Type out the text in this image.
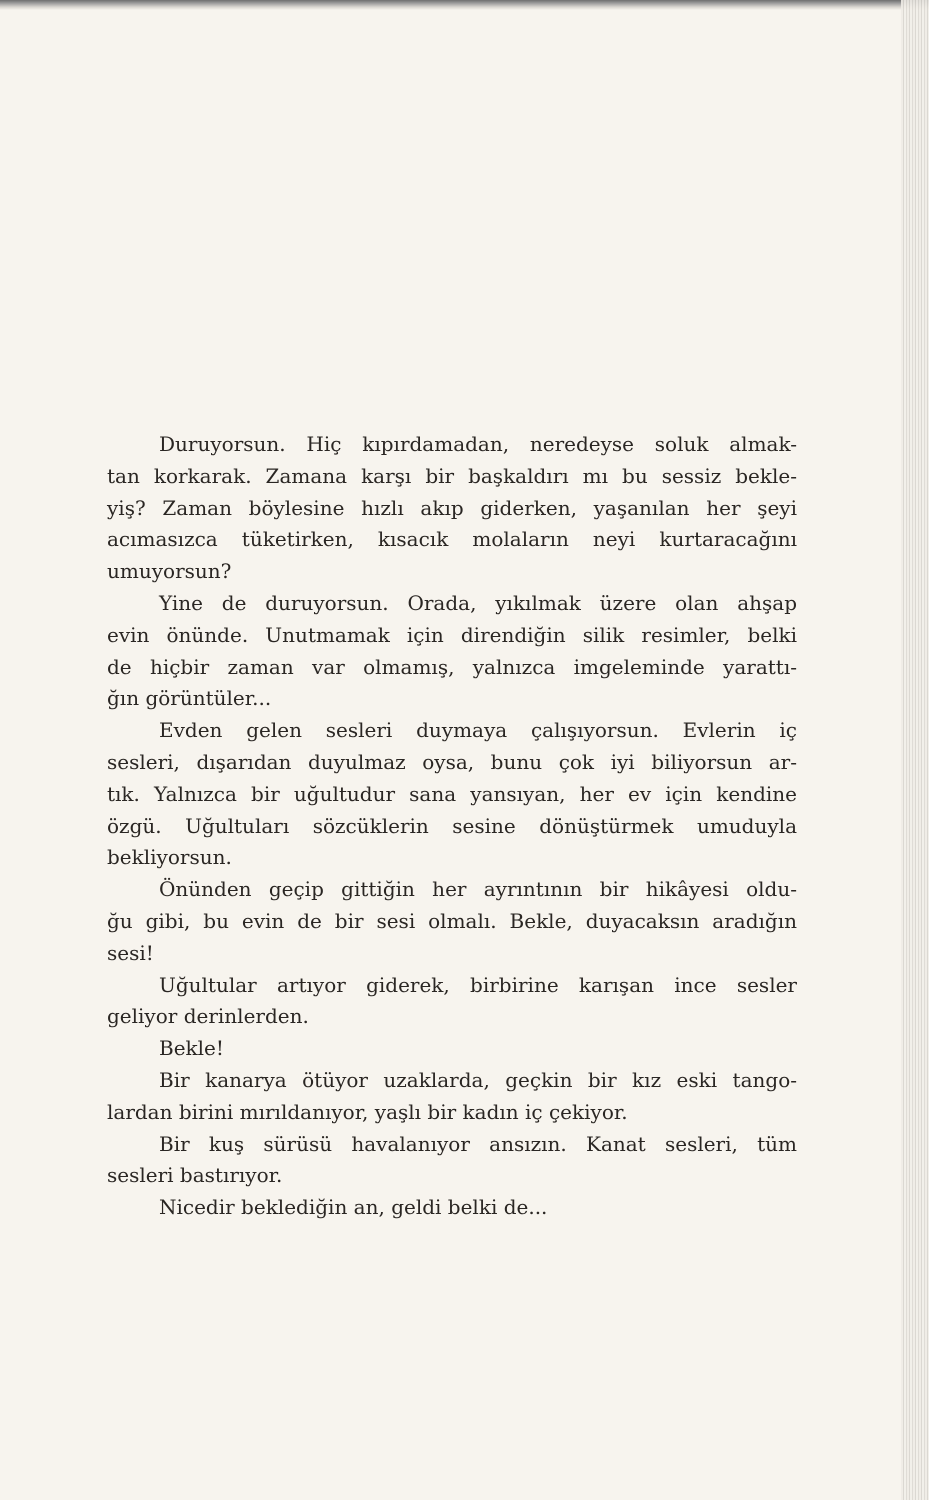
Duruyorsun. Hiç kıpırdamadan, neredeyse soluk almak-
tan korkarak. Zamana karşı bir başkaldırı mı bu sessiz bekle-
yiş? Zaman böylesine hızlı akıp giderken, yaşanılan her şeyi
acımasızca tüketirken, kısacık molaların neyi kurtaracağını
umuyorsun?
Yine de duruyorsun. Orada, yıkılmak üzere olan ahşap
evin önünde. Unutmamak için direndiğin silik resimler, belki
de hiçbir zaman var olmamış, yalnızca imgeleminde yarattı-
ğın görüntüler...
Evden gelen sesleri duymaya çalışıyorsun. Evlerin iç
sesleri, dışarıdan duyulmaz oysa, bunu çok iyi biliyorsun ar-
tık. Yalnızca bir uğultudur sana yansıyan, her ev için kendine
özgü. Uğultuları sözcüklerin sesine dönüştürmek umuduyla
bekliyorsun.
Önünden geçip gittiğin her ayrıntının bir hikâyesi oldu-
ğu gibi, bu evin de bir sesi olmalı. Bekle, duyacaksın aradığın
sesi!
Uğultular artıyor giderek, birbirine karışan ince sesler
geliyor derinlerden.
Bekle!
Bir kanarya ötüyor uzaklarda, geçkin bir kız eski tango-
lardan birini mırıldanıyor, yaşlı bir kadın iç çekiyor.
Bir kuş sürüsü havalanıyor ansızın. Kanat sesleri, tüm
sesleri bastırıyor.
Nicedir beklediğin an, geldi belki de...
